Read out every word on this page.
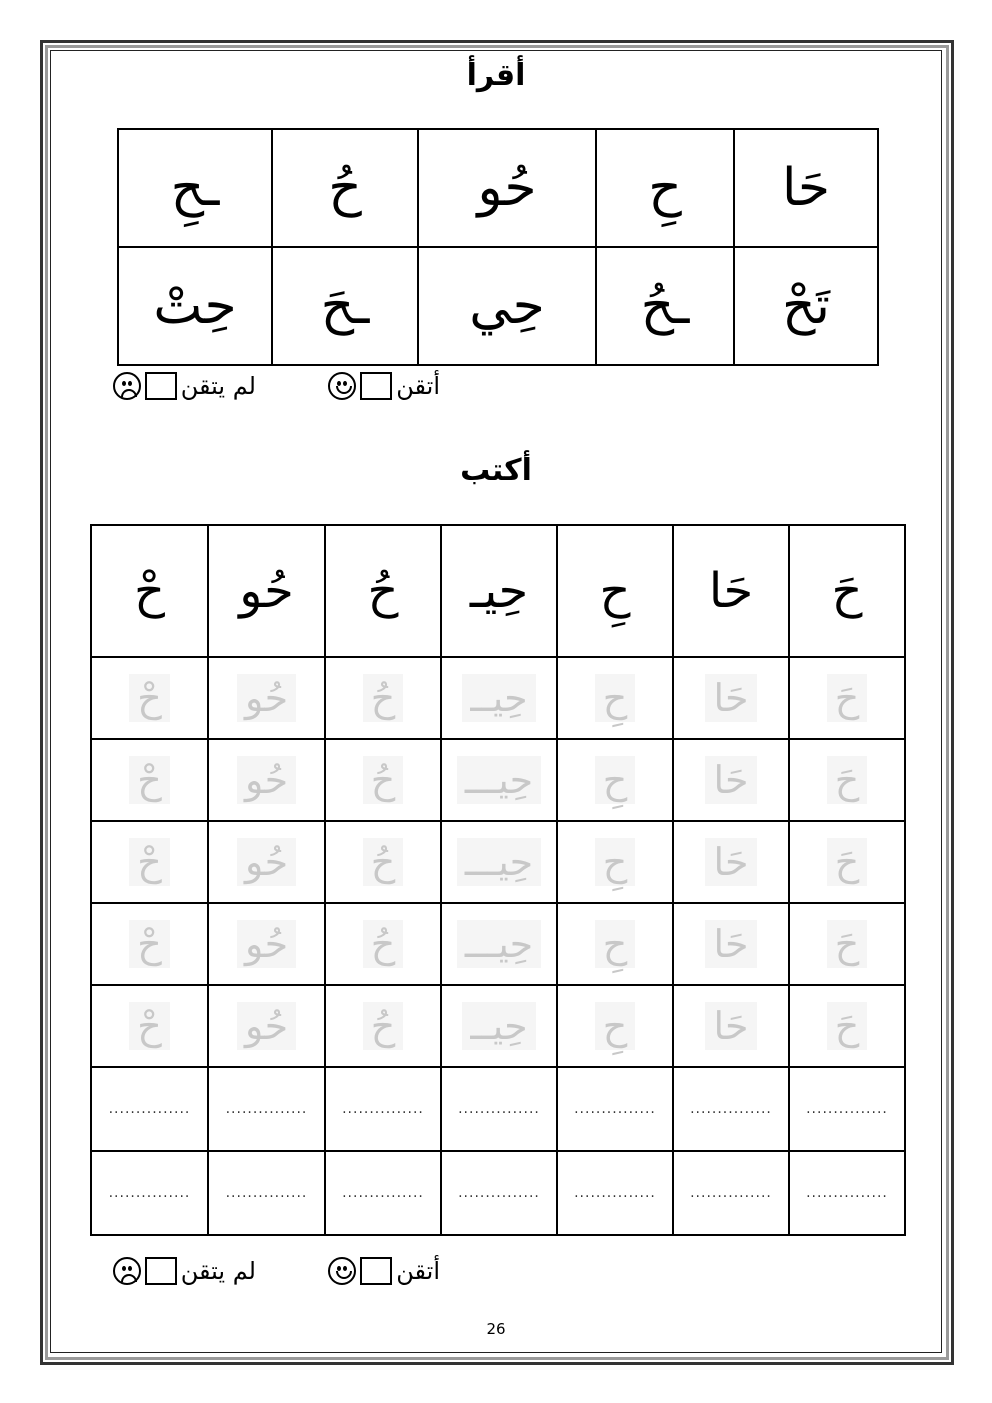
أقرأ
حَا	حِ	حُو	حُ	ـحِ
تَحْ	ـحُ	حِي	ـحَ	حِتْ
أتقن
لم يتقن
أكتب
حَ	حَا	حِ	حِيـ	حُ	حُو	حْ
حَ	حَا	حِ	حِيــ	حُ	حُو	حْ
حَ	حَا	حِ	حِيـــ	حُ	حُو	حْ
حَ	حَا	حِ	حِيـــ	حُ	حُو	حْ
حَ	حَا	حِ	حِيـــ	حُ	حُو	حْ
حَ	حَا	حِ	حِيــ	حُ	حُو	حْ
...............	...............	...............	...............	...............	...............	...............
...............	...............	...............	...............	...............	...............	...............
أتقن
لم يتقن
26
